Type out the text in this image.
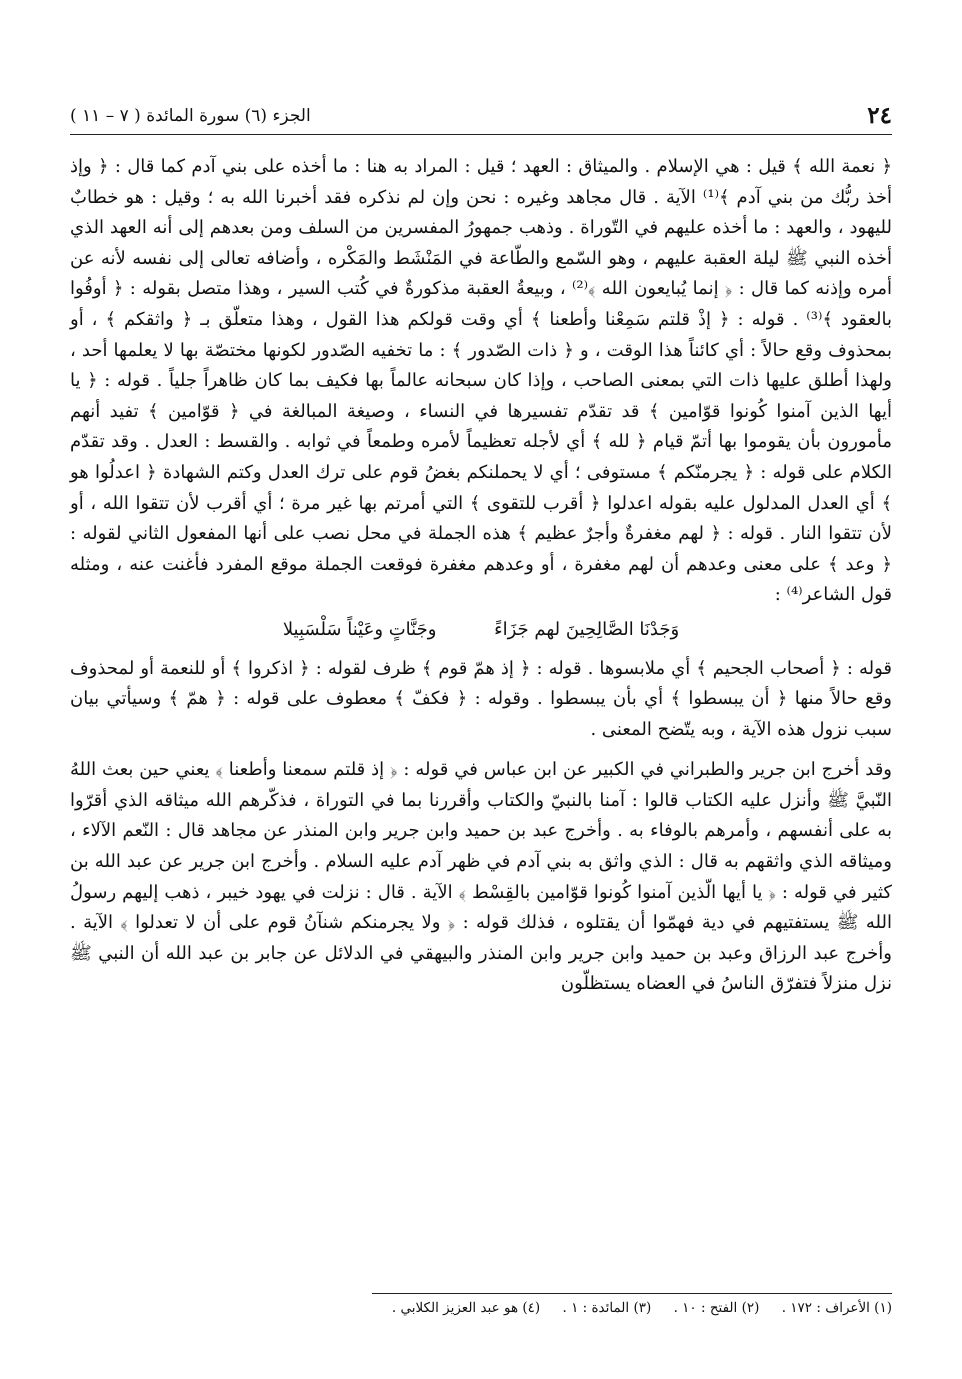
٢٤
الجزء (٦) سورة المائدة ( ٧ – ١١ )

﴿ نعمة الله ﴾ قيل : هي الإسلام . والميثاق : العهد ؛ قيل : المراد به هنا : ما أخذه على بني آدم كما قال : ﴿ وإذ أخذ ربُّك من بني آدم ﴾⁽¹⁾ الآية . قال مجاهد وغيره : نحن وإن لم نذكره فقد أخبرنا الله به ؛ وقيل : هو خطابٌ لليهود ، والعهد : ما أخذه عليهم في التّوراة . وذهب جمهورُ المفسرين من السلف ومن بعدهم إلى أنه العهد الذي أخذه النبي ﷺ ليلة العقبة عليهم ، وهو السّمع والطّاعة في المَنْشَط والمَكْره ، وأضافه تعالى إلى نفسه لأنه عن أمره وإذنه كما قال : ﴿ إنما يُبايعون الله ﴾⁽²⁾ ، وبيعةُ العقبة مذكورةٌ في كُتب السير ، وهذا متصل بقوله : ﴿ أوفُوا بالعقود ﴾⁽³⁾ . قوله : ﴿ إذْ قلتم سَمِعْنا وأطعنا ﴾ أي وقت قولكم هذا القول ، وهذا متعلّق بـ ﴿ واثقكم ﴾ ، أو بمحذوف وقع حالاً : أي كائناً هذا الوقت ، و ﴿ ذات الصّدور ﴾ : ما تخفيه الصّدور لكونها مختصّة بها لا يعلمها أحد ، ولهذا أطلق عليها ذات التي بمعنى الصاحب ، وإذا كان سبحانه عالماً بها فكيف بما كان ظاهراً جلياً . قوله : ﴿ يا أيها الذين آمنوا كُونوا قوّامين ﴾ قد تقدّم تفسيرها في النساء ، وصيغة المبالغة في ﴿ قوّامين ﴾ تفيد أنهم مأمورون بأن يقوموا بها أتمّ قيام ﴿ لله ﴾ أي لأجله تعظيماً لأمره وطمعاً في ثوابه . والقسط : العدل . وقد تقدّم الكلام على قوله : ﴿ يجرمنّكم ﴾ مستوفى ؛ أي لا يحملنكم بغضُ قوم على ترك العدل وكتم الشهادة ﴿ اعدلُوا هو ﴾ أي العدل المدلول عليه بقوله اعدلوا ﴿ أقرب للتقوى ﴾ التي أمرتم بها غير مرة ؛ أي أقرب لأن تتقوا الله ، أو لأن تتقوا النار . قوله : ﴿ لهم مغفرةٌ وأجرٌ عظيم ﴾ هذه الجملة في محل نصب على أنها المفعول الثاني لقوله : ﴿ وعد ﴾ على معنى وعدهم أن لهم مغفرة ، أو وعدهم مغفرة فوقعت الجملة موقع المفرد فأغنت عنه ، ومثله قول الشاعر⁽⁴⁾ :

وَجَدْنَا الصَّالِحِينَ لهم جَزَاءً وجَنَّاتٍ وعَيْناً سَلْسَبِيلا

قوله : ﴿ أصحاب الجحيم ﴾ أي ملابسوها . قوله : ﴿ إذ همّ قوم ﴾ ظرف لقوله : ﴿ اذكروا ﴾ أو للنعمة أو لمحذوف وقع حالاً منها ﴿ أن يبسطوا ﴾ أي بأن يبسطوا . وقوله : ﴿ فكفّ ﴾ معطوف على قوله : ﴿ همّ ﴾ وسيأتي بيان سبب نزول هذه الآية ، وبه يتّضح المعنى .

وقد أخرج ابن جرير والطبراني في الكبير عن ابن عباس في قوله : ﴿ إذ قلتم سمعنا وأطعنا ﴾ يعني حين بعث اللهُ النّبيَّ ﷺ وأنزل عليه الكتاب قالوا : آمنا بالنبيّ والكتاب وأقررنا بما في التوراة ، فذكّرهم الله ميثاقه الذي أقرّوا به على أنفسهم ، وأمرهم بالوفاء به . وأخرج عبد بن حميد وابن جرير وابن المنذر عن مجاهد قال : النّعم الآلاء ، وميثاقه الذي واثقهم به قال : الذي واثق به بني آدم في ظهر آدم عليه السلام . وأخرج ابن جرير عن عبد الله بن كثير في قوله : ﴿ يا أيها الّذين آمنوا كُونوا قوّامين بالقِسْط ﴾ الآية . قال : نزلت في يهود خيبر ، ذهب إليهم رسولُ الله ﷺ يستفتيهم في دية فهمّوا أن يقتلوه ، فذلك قوله : ﴿ ولا يجرمنكم شنآنُ قوم على أن لا تعدلوا ﴾ الآية . وأخرج عبد الرزاق وعبد بن حميد وابن جرير وابن المنذر والبيهقي في الدلائل عن جابر بن عبد الله أن النبي ﷺ نزل منزلاً فتفرّق الناسُ في العضاه يستظلّون

(١) الأعراف : ١٧٢ . (٢) الفتح : ١٠ . (٣) المائدة : ١ . (٤) هو عبد العزيز الكلابي .
